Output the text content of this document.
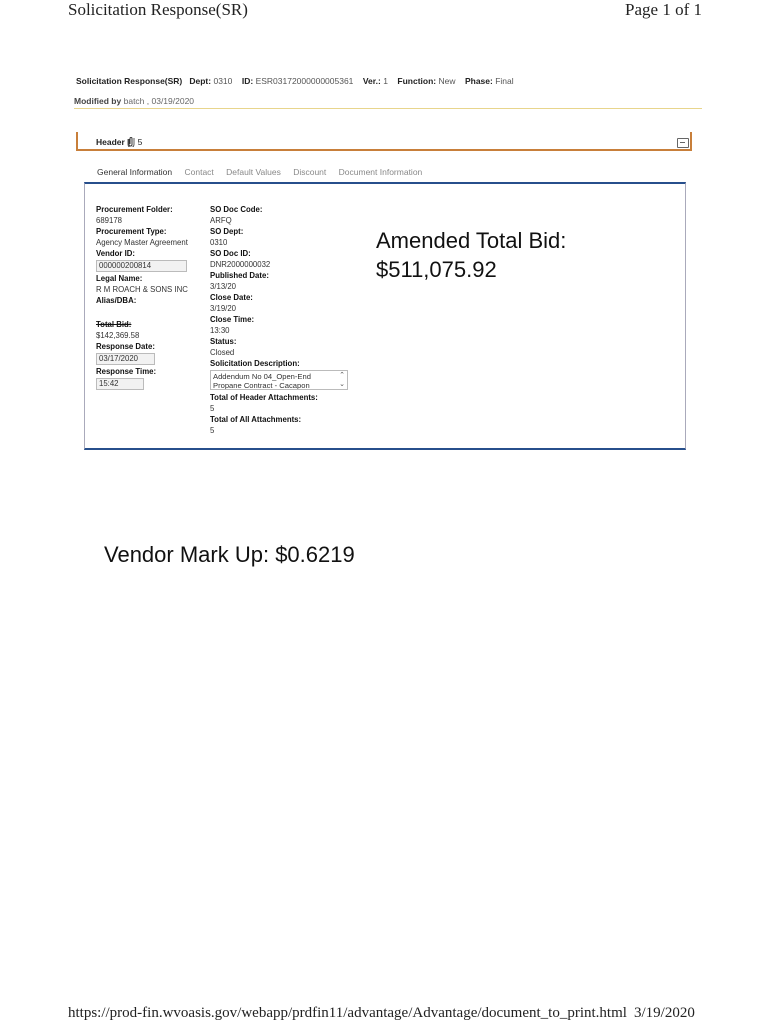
Solicitation Response(SR)	Page 1 of 1
Solicitation Response(SR) Dept: 0310 ID: ESR03172000000005361 Ver.: 1 Function: New Phase: Final
Modified by batch , 03/19/2020
Header 5
General Information Contact Default Values Discount Document Information
Procurement Folder:
689178
Procurement Type:
Agency Master Agreement
Vendor ID:
000000200814
Legal Name:
R M ROACH & SONS INC
Alias/DBA:
Total Bid:
$142,369.58
Response Date:
03/17/2020
Response Time:
15:42
SO Doc Code:
ARFQ
SO Dept:
0310
SO Doc ID:
DNR2000000032
Published Date:
3/13/20
Close Date:
3/19/20
Close Time:
13:30
Status:
Closed
Solicitation Description:
Addendum No 04_Open-End
Propane Contract - Cacapon
⌃
⌄
Total of Header Attachments:
5
Total of All Attachments:
5
Amended Total Bid:
$511,075.92
Vendor Mark Up: $0.6219
https://prod-fin.wvoasis.gov/webapp/prdfin11/advantage/Advantage/document_to_print.html 3/19/2020
